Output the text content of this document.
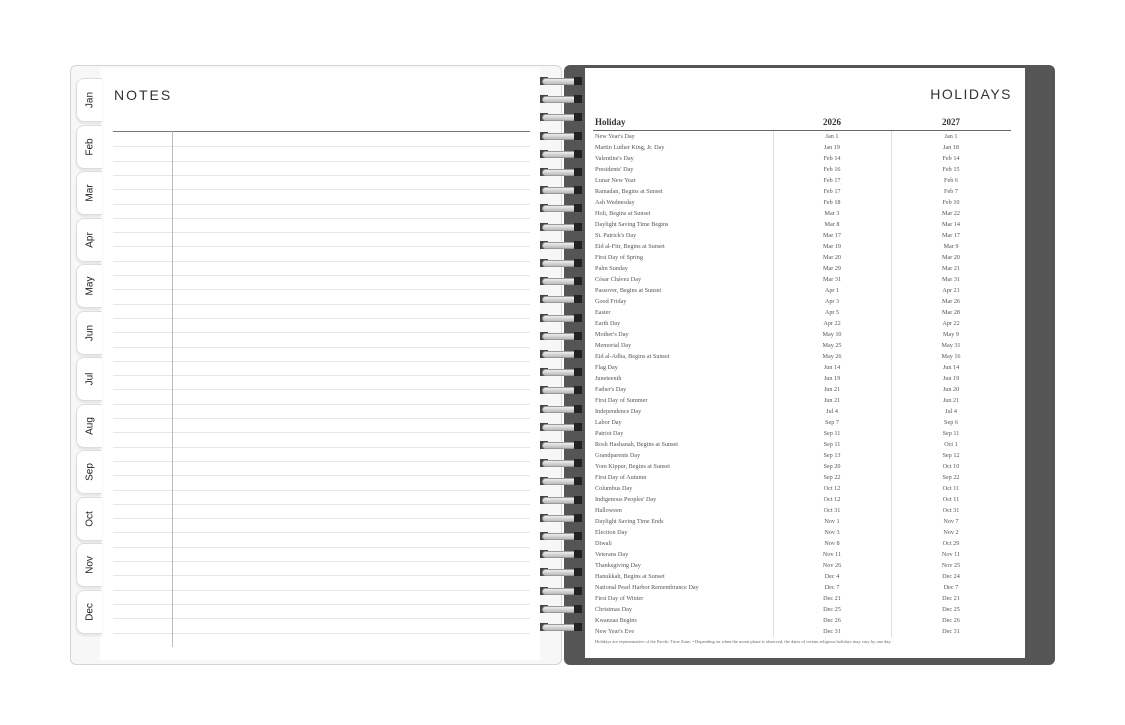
NOTES
Jan
Feb
Mar
Apr
May
Jun
Jul
Aug
Sep
Oct
Nov
Dec
HOLIDAYS
Holiday	2026	2027
New Year's Day	Jan 1	Jan 1
Martin Luther King, Jr. Day	Jan 19	Jan 18
Valentine's Day	Feb 14	Feb 14
Presidents' Day	Feb 16	Feb 15
Lunar New Year	Feb 17	Feb 6
Ramadan, Begins at Sunset	Feb 17	Feb 7
Ash Wednesday	Feb 18	Feb 10
Holi, Begins at Sunset	Mar 3	Mar 22
Daylight Saving Time Begins	Mar 8	Mar 14
St. Patrick's Day	Mar 17	Mar 17
Eid al-Fitr, Begins at Sunset	Mar 19	Mar 9
First Day of Spring	Mar 20	Mar 20
Palm Sunday	Mar 29	Mar 21
César Chávez Day	Mar 31	Mar 31
Passover, Begins at Sunset	Apr 1	Apr 21
Good Friday	Apr 3	Mar 26
Easter	Apr 5	Mar 28
Earth Day	Apr 22	Apr 22
Mother's Day	May 10	May 9
Memorial Day	May 25	May 31
Eid al-Adha, Begins at Sunset	May 26	May 16
Flag Day	Jun 14	Jun 14
Juneteenth	Jun 19	Jun 19
Father's Day	Jun 21	Jun 20
First Day of Summer	Jun 21	Jun 21
Independence Day	Jul 4	Jul 4
Labor Day	Sep 7	Sep 6
Patriot Day	Sep 11	Sep 11
Rosh Hashanah, Begins at Sunset	Sep 11	Oct 1
Grandparents Day	Sep 13	Sep 12
Yom Kippur, Begins at Sunset	Sep 20	Oct 10
First Day of Autumn	Sep 22	Sep 22
Columbus Day	Oct 12	Oct 11
Indigenous Peoples' Day	Oct 12	Oct 11
Halloween	Oct 31	Oct 31
Daylight Saving Time Ends	Nov 1	Nov 7
Election Day	Nov 3	Nov 2
Diwali	Nov 8	Oct 29
Veterans Day	Nov 11	Nov 11
Thanksgiving Day	Nov 26	Nov 25
Hanukkah, Begins at Sunset	Dec 4	Dec 24
National Pearl Harbor Remembrance Day	Dec 7	Dec 7
First Day of Winter	Dec 21	Dec 21
Christmas Day	Dec 25	Dec 25
Kwanzaa Begins	Dec 26	Dec 26
New Year's Eve	Dec 31	Dec 31
Holidays are representative of the Pacific Time Zone. • Depending on when the moon phase is observed, the dates of certain religious holidays may vary by one day.
